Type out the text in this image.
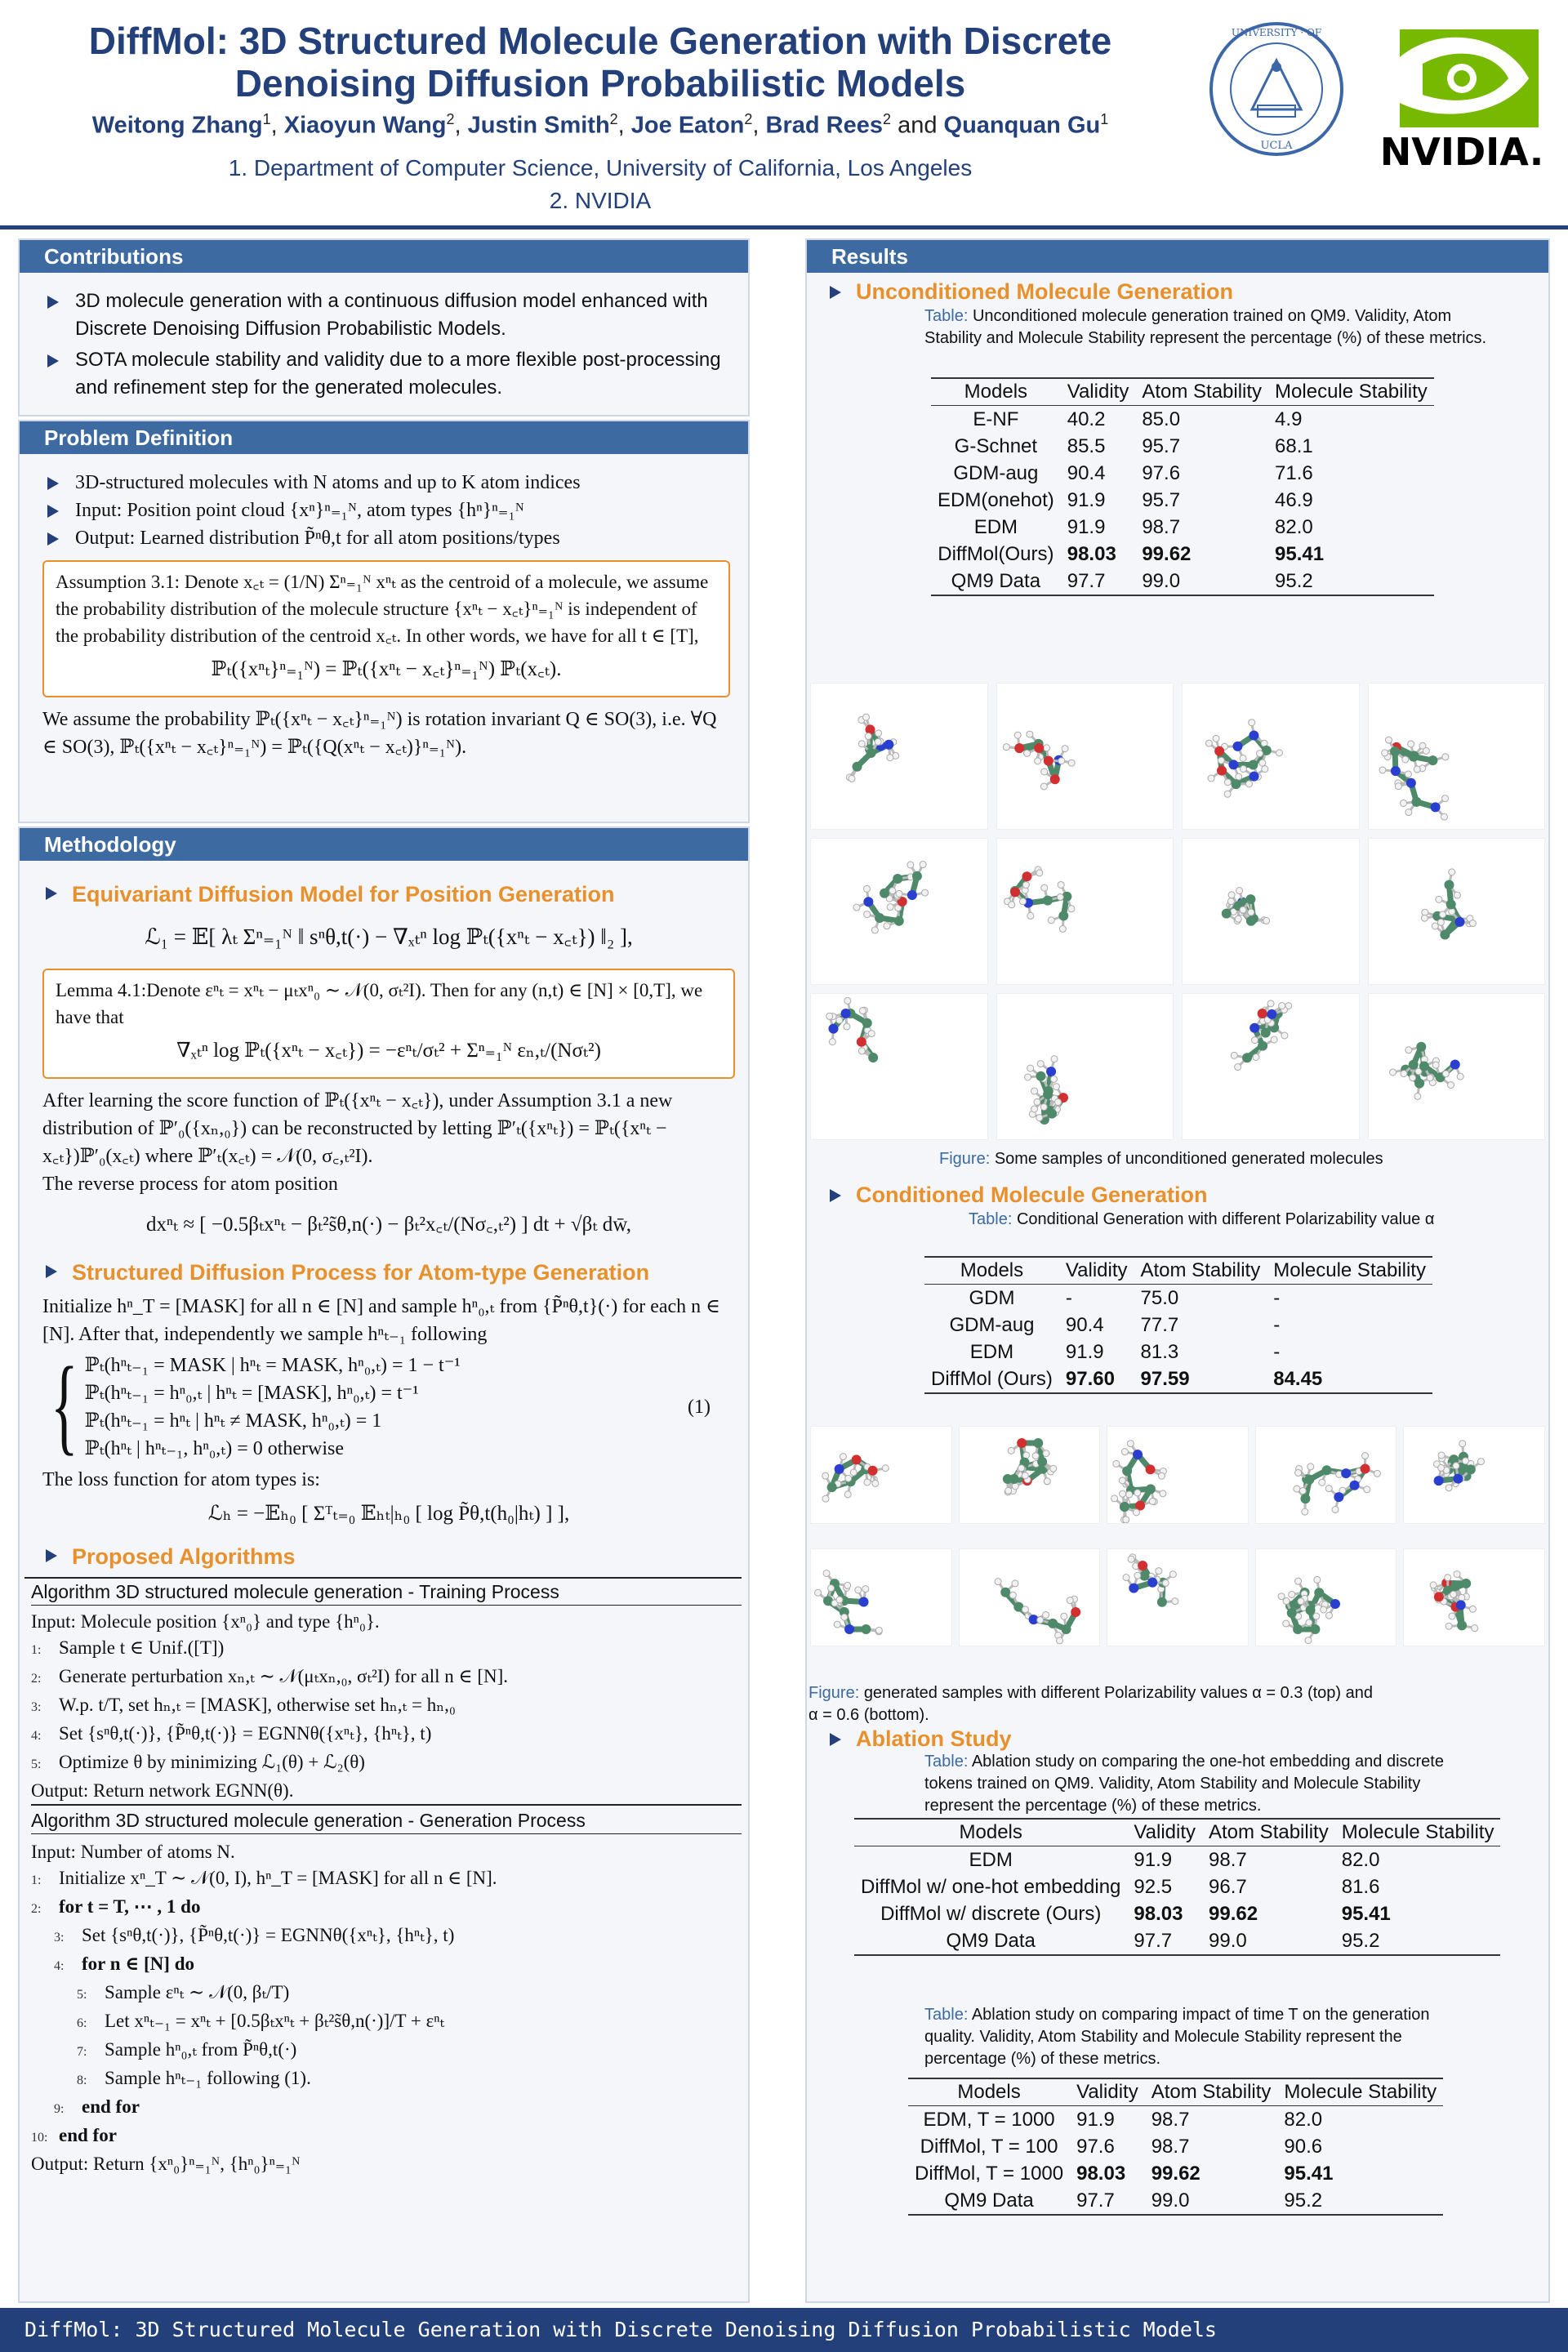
DiffMol: 3D Structured Molecule Generation with Discrete
Denoising Diffusion Probabilistic Models
Weitong Zhang$^1$, Xiaoyun Wang$^2$, Justin Smith$^2$, Joe Eaton$^2$, Brad Rees$^2$ and Quanquan Gu$^1$
1. Department of Computer Science, University of California, Los Angeles
2. NVIDIA
UNIVERSITY · OF
UCLA NVIDIA.
Contributions
3D molecule generation with a continuous diffusion model enhanced with Discrete Denoising Diffusion Probabilistic Models.
SOTA molecule stability and validity due to a more flexible post-processing and refinement step for the generated molecules.
Problem Definition
3D-structured molecules with N atoms and up to K atom indices
Input: Position point cloud {xⁿ}ⁿ₌₁ᴺ, atom types {hⁿ}ⁿ₌₁ᴺ
Output: Learned distribution P̃ⁿθ,t for all atom positions/types
Assumption 3.1: Denote x꜀ₜ = (1/N) Σⁿ₌₁ᴺ xⁿₜ as the centroid of a molecule, we assume the probability distribution of the molecule structure {xⁿₜ − x꜀ₜ}ⁿ₌₁ᴺ is independent of the probability distribution of the centroid x꜀ₜ. In other words, we have for all t ∈ [T],
ℙₜ({xⁿₜ}ⁿ₌₁ᴺ) = ℙₜ({xⁿₜ − x꜀ₜ}ⁿ₌₁ᴺ) ℙₜ(x꜀ₜ).
We assume the probability ℙₜ({xⁿₜ − x꜀ₜ}ⁿ₌₁ᴺ) is rotation invariant Q ∈ SO(3), i.e. ∀Q ∈ SO(3), ℙₜ({xⁿₜ − x꜀ₜ}ⁿ₌₁ᴺ) = ℙₜ({Q(xⁿₜ − x꜀ₜ)}ⁿ₌₁ᴺ).
Methodology
Equivariant Diffusion Model for Position Generation
ℒ₁ = 𝔼[ λₜ Σⁿ₌₁ᴺ ‖ sⁿθ,t(·) − ∇ₓₜⁿ log ℙₜ({xⁿₜ − x꜀ₜ}) ‖₂ ],
Lemma 4.1:Denote εⁿₜ = xⁿₜ − μₜxⁿ₀ ∼ 𝒩(0, σₜ²I). Then for any (n,t) ∈ [N] × [0,T], we have that
∇ₓₜⁿ log ℙₜ({xⁿₜ − x꜀ₜ}) = −εⁿₜ/σₜ² + Σⁿ₌₁ᴺ εₙ,ₜ/(Nσₜ²)
After learning the score function of ℙₜ({xⁿₜ − x꜀ₜ}), under Assumption 3.1 a new distribution of ℙ′₀({xₙ,₀}) can be reconstructed by letting ℙ′ₜ({xⁿₜ}) = ℙₜ({xⁿₜ − x꜀ₜ})ℙ′₀(x꜀ₜ) where ℙ′ₜ(x꜀ₜ) = 𝒩(0, σ꜀,ₜ²I).
The reverse process for atom position
dxⁿₜ ≈ [ −0.5βₜxⁿₜ − βₜ²s̃θ,n(·) − βₜ²x꜀ₜ/(Nσ꜀,ₜ²) ] dt + √βₜ dw̄,
Structured Diffusion Process for Atom-type Generation
Initialize hⁿ_T = [MASK] for all n ∈ [N] and sample hⁿ₀,ₜ from {P̃ⁿθ,t}(·) for each n ∈ [N]. After that, independently we sample hⁿₜ₋₁ following
{ ℙₜ(hⁿₜ₋₁ = MASK | hⁿₜ = MASK, hⁿ₀,ₜ) = 1 − t⁻¹
ℙₜ(hⁿₜ₋₁ = hⁿ₀,ₜ | hⁿₜ = [MASK], hⁿ₀,ₜ) = t⁻¹
ℙₜ(hⁿₜ₋₁ = hⁿₜ | hⁿₜ ≠ MASK, hⁿ₀,ₜ) = 1
ℙₜ(hⁿₜ | hⁿₜ₋₁, hⁿ₀,ₜ) = 0 otherwise
(1)
The loss function for atom types is:
ℒₕ = −𝔼ₕ₀ [ Σᵀₜ₌₀ 𝔼ₕₜ|ₕ₀ [ log P̃θ,t(h₀|hₜ) ] ],
Proposed Algorithms
Algorithm 3D structured molecule generation - Training Process
Input: Molecule position {xⁿ₀} and type {hⁿ₀}.
1: Sample t ∈ Unif.([T])
2: Generate perturbation xₙ,ₜ ∼ 𝒩(μₜxₙ,₀, σₜ²I) for all n ∈ [N].
3: W.p. t/T, set hₙ,ₜ = [MASK], otherwise set hₙ,ₜ = hₙ,₀
4: Set {sⁿθ,t(·)}, {P̃ⁿθ,t(·)} = EGNNθ({xⁿₜ}, {hⁿₜ}, t)
5: Optimize θ by minimizing ℒ₁(θ) + ℒ₂(θ)
Output: Return network EGNN(θ).
Algorithm 3D structured molecule generation - Generation Process
Input: Number of atoms N.
1: Initialize xⁿ_T ∼ 𝒩(0, I), hⁿ_T = [MASK] for all n ∈ [N].
2: for t = T, ⋯ , 1 do
3: Set {sⁿθ,t(·)}, {P̃ⁿθ,t(·)} = EGNNθ({xⁿₜ}, {hⁿₜ}, t)
4: for n ∈ [N] do
5: Sample εⁿₜ ∼ 𝒩(0, βₜ/T)
6: Let xⁿₜ₋₁ = xⁿₜ + [0.5βₜxⁿₜ + βₜ²s̃θ,n(·)]/T + εⁿₜ
7: Sample hⁿ₀,ₜ from P̃ⁿθ,t(·)
8: Sample hⁿₜ₋₁ following (1).
9: end for
10: end for
Output: Return {xⁿ₀}ⁿ₌₁ᴺ, {hⁿ₀}ⁿ₌₁ᴺ
Results
Unconditioned Molecule Generation
Table: Unconditioned molecule generation trained on QM9. Validity, Atom Stability and Molecule Stability represent the percentage (%) of these metrics.
Models	Validity	Atom Stability	Molecule Stability
E-NF	40.2	85.0	4.9
G-Schnet	85.5	95.7	68.1
GDM-aug	90.4	97.6	71.6
EDM(onehot)	91.9	95.7	46.9
EDM	91.9	98.7	82.0
DiffMol(Ours)	98.03	99.62	95.41
QM9 Data	97.7	99.0	95.2
Figure: Some samples of unconditioned generated molecules
Conditioned Molecule Generation
Table: Conditional Generation with different Polarizability value α
Models	Validity	Atom Stability	Molecule Stability
GDM	-	75.0	-
GDM-aug	90.4	77.7	-
EDM	91.9	81.3	-
DiffMol (Ours)	97.60	97.59	84.45
Figure: generated samples with different Polarizability values α = 0.3 (top) and α = 0.6 (bottom).
Ablation Study
Table: Ablation study on comparing the one-hot embedding and discrete tokens trained on QM9. Validity, Atom Stability and Molecule Stability represent the percentage (%) of these metrics.
Models	Validity	Atom Stability	Molecule Stability
EDM	91.9	98.7	82.0
DiffMol w/ one-hot embedding	92.5	96.7	81.6
DiffMol w/ discrete (Ours)	98.03	99.62	95.41
QM9 Data	97.7	99.0	95.2
Table: Ablation study on comparing impact of time T on the generation quality. Validity, Atom Stability and Molecule Stability represent the percentage (%) of these metrics.
Models	Validity	Atom Stability	Molecule Stability
EDM, T = 1000	91.9	98.7	82.0
DiffMol, T = 100	97.6	98.7	90.6
DiffMol, T = 1000	98.03	99.62	95.41
QM9 Data	97.7	99.0	95.2
DiffMol: 3D Structured Molecule Generation with Discrete Denoising Diffusion Probabilistic Models
